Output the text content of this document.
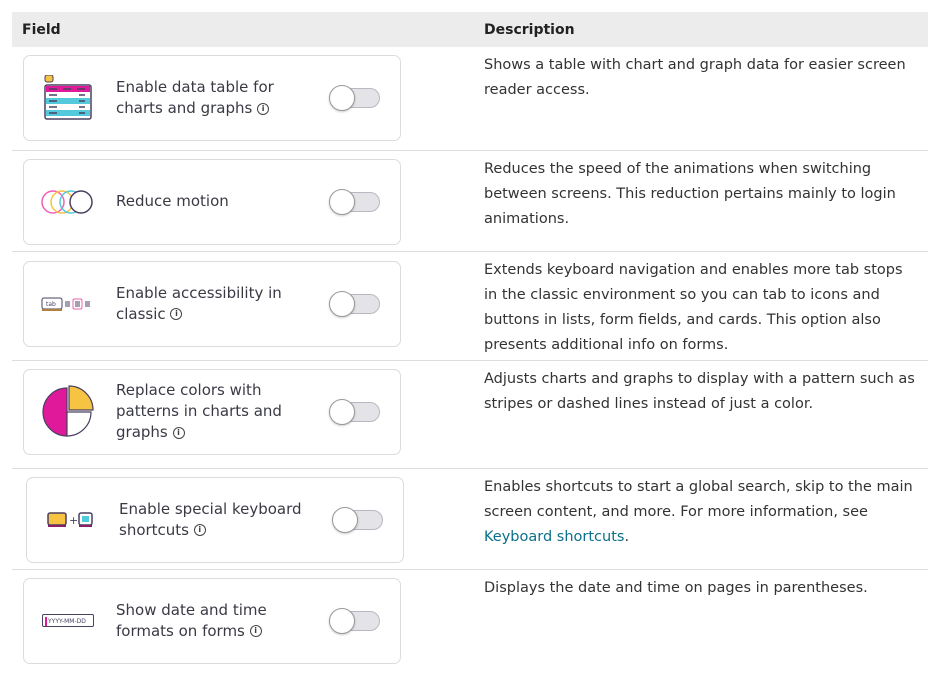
Field	Description

Enable data table for charts and graphs i	Shows a table with chart and graph data for easier screen reader access.

Reduce motion	Reduces the speed of the animations when switching between screens. This reduction pertains mainly to login animations.

tab
Enable accessibility in classic i	Extends keyboard navigation and enables more tab stops in the classic environment so you can tab to icons and buttons in lists, form fields, and cards. This option also presents additional info on forms.

Replace colors with patterns in charts and graphs i	Adjusts charts and graphs to display with a pattern such as stripes or dashed lines instead of just a color.

+
Enable special keyboard shortcuts i	Enables shortcuts to start a global search, skip to the main screen content, and more. For more information, see Keyboard shortcuts.

YYYY-MM-DD
Show date and time formats on forms i	Displays the date and time on pages in parentheses.
